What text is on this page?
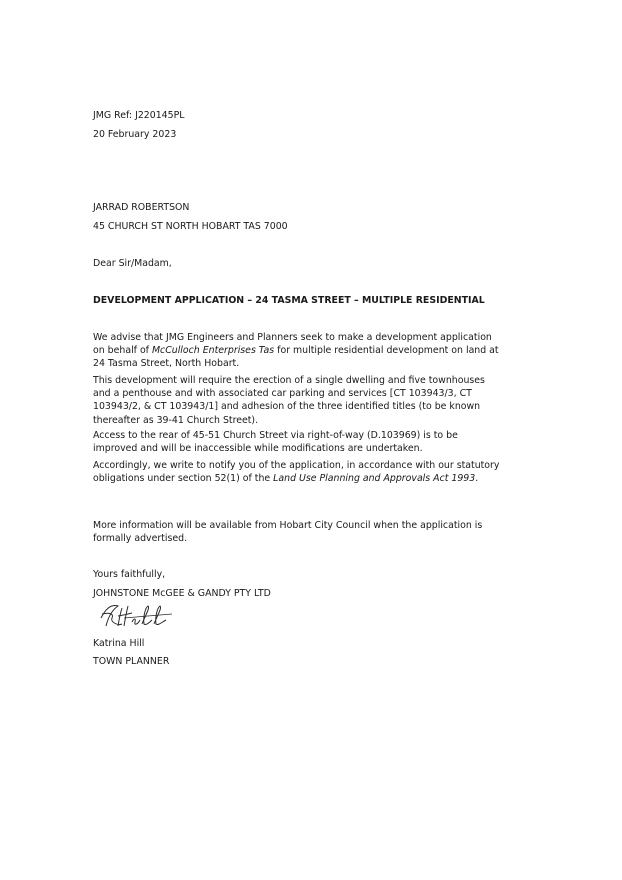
JMG Ref: J220145PL
20 February 2023
JARRAD ROBERTSON
45 CHURCH ST NORTH HOBART TAS 7000
Dear Sir/Madam,
DEVELOPMENT APPLICATION – 24 TASMA STREET – MULTIPLE RESIDENTIAL
We advise that JMG Engineers and Planners seek to make a development application on behalf of McCulloch Enterprises Tas for multiple residential development on land at 24 Tasma Street, North Hobart.
This development will require the erection of a single dwelling and five townhouses and a penthouse and with associated car parking and services [CT 103943/3, CT 103943/2, & CT 103943/1] and adhesion of the three identified titles (to be known thereafter as 39-41 Church Street).
Access to the rear of 45-51 Church Street via right-of-way (D.103969) is to be improved and will be inaccessible while modifications are undertaken.
Accordingly, we write to notify you of the application, in accordance with our statutory obligations under section 52(1) of the Land Use Planning and Approvals Act 1993.
More information will be available from Hobart City Council when the application is formally advertised.
Yours faithfully,
JOHNSTONE McGEE & GANDY PTY LTD
Katrina Hill
TOWN PLANNER
